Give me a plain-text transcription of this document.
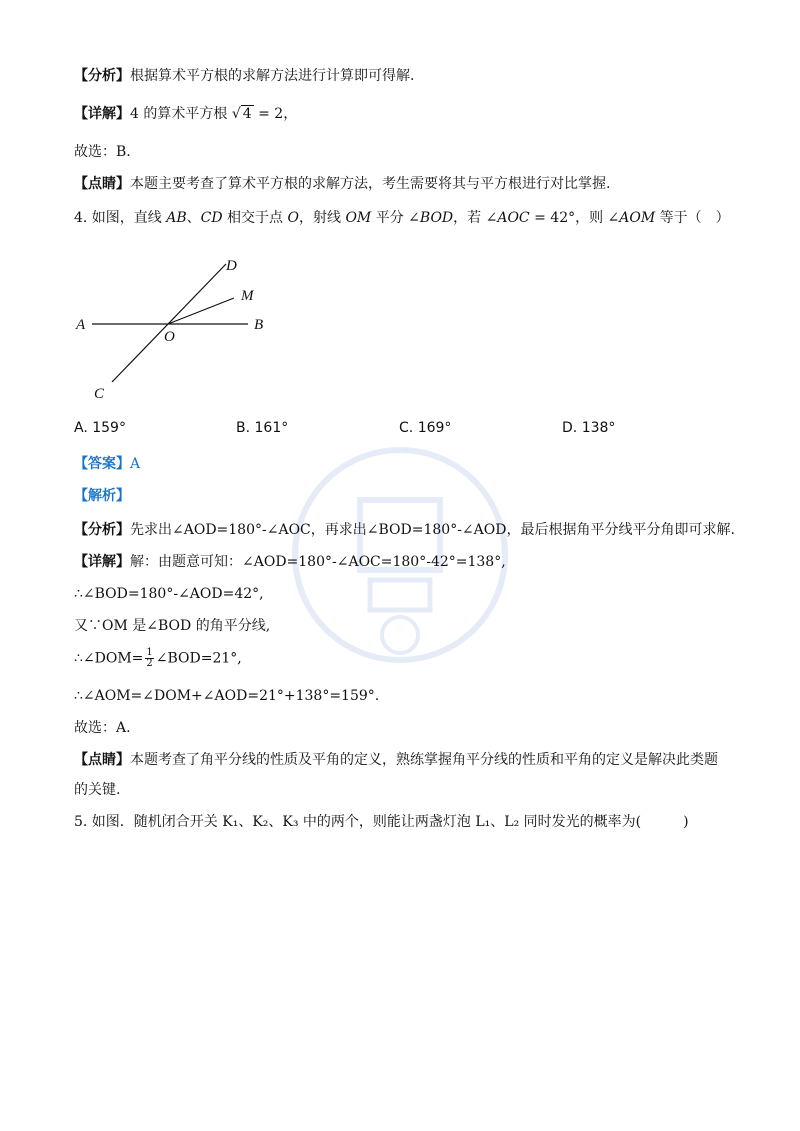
【分析】根据算术平方根的求解方法进行计算即可得解.
【详解】4 的算术平方根 √ 4 = 2，
故选：B.
【点睛】本题主要考查了算术平方根的求解方法，考生需要将其与平方根进行对比掌握.
4. 如图，直线 AB、CD 相交于点 O，射线 OM 平分 ∠BOD，若 ∠AOC = 42°，则 ∠AOM 等于（　）
D
M
A
O
B
C
A. 159°	B. 161°	C. 169°	D. 138°
【答案】A
【解析】
【分析】先求出∠AOD=180°-∠AOC，再求出∠BOD=180°-∠AOD，最后根据角平分线平分角即可求解.
【详解】解：由题意可知：∠AOD=180°-∠AOC=180°-42°=138°,
∴∠BOD=180°-∠AOD=42°,
又∵OM 是∠BOD 的角平分线,
∴∠DOM= $\frac{1}{2}$ ∠BOD=21°,
∴∠AOM=∠DOM+∠AOD=21°+138°=159°.
故选：A.
【点睛】本题考查了角平分线的性质及平角的定义，熟练掌握角平分线的性质和平角的定义是解决此类题
的关键.
5. 如图．随机闭合开关 K₁、K₂、K₃ 中的两个，则能让两盏灯泡 L₁、L₂ 同时发光的概率为(　　　)
